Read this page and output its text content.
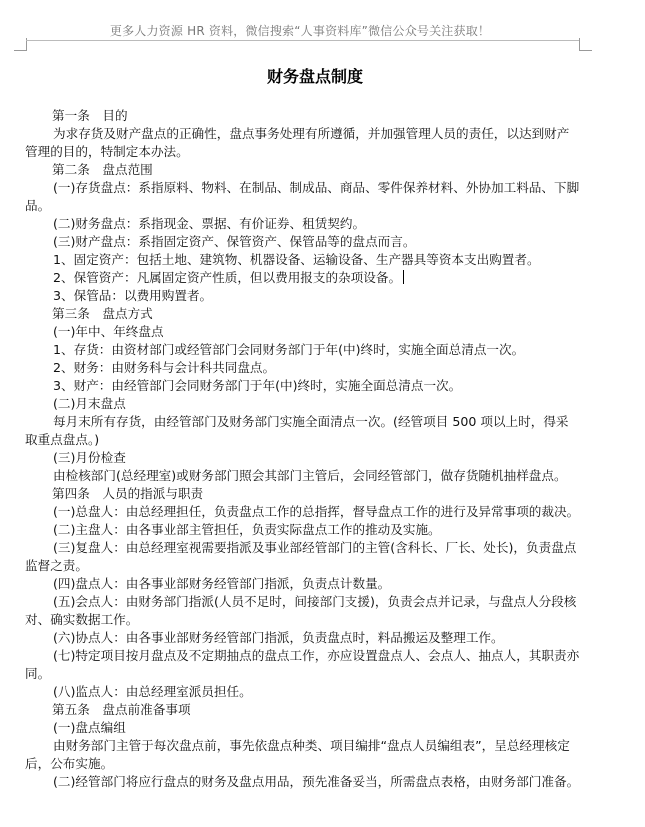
更多人力资源 HR 资料，微信搜索“人事资料库”微信公众号关注获取！
财务盘点制度

第一条　目的

为求存货及财产盘点的正确性，盘点事务处理有所遵循，并加强管理人员的责任，以达到财产管理的目的，特制定本办法。

第二条　盘点范围

(一)存货盘点：系指原料、物料、在制品、制成品、商品、零件保养材料、外协加工料品、下脚品。

(二)财务盘点：系指现金、票据、有价证券、租赁契约。

(三)财产盘点：系指固定资产、保管资产、保管品等的盘点而言。

1、固定资产：包括土地、建筑物、机器设备、运输设备、生产器具等资本支出购置者。

2、保管资产：凡属固定资产性质，但以费用报支的杂项设备。

3、保管品：以费用购置者。

第三条　盘点方式

(一)年中、年终盘点

1、存货：由资材部门或经管部门会同财务部门于年(中)终时，实施全面总清点一次。

2、财务：由财务科与会计科共同盘点。

3、财产：由经管部门会同财务部门于年(中)终时，实施全面总清点一次。

(二)月末盘点

每月末所有存货，由经管部门及财务部门实施全面清点一次。(经管项目 500 项以上时，得采取重点盘点。)

(三)月份检查

由检核部门(总经理室)或财务部门照会其部门主管后，会同经管部门，做存货随机抽样盘点。

第四条　人员的指派与职责

(一)总盘人：由总经理担任，负责盘点工作的总指挥，督导盘点工作的进行及异常事项的裁决。

(二)主盘人：由各事业部主管担任，负责实际盘点工作的推动及实施。

(三)复盘人：由总经理室视需要指派及事业部经管部门的主管(含科长、厂长、处长)，负责盘点监督之责。

(四)盘点人：由各事业部财务经管部门指派，负责点计数量。

(五)会点人：由财务部门指派(人员不足时，间接部门支援)，负责会点并记录，与盘点人分段核对、确实数据工作。

(六)协点人：由各事业部财务经管部门指派，负责盘点时，料品搬运及整理工作。

(七)特定项目按月盘点及不定期抽点的盘点工作，亦应设置盘点人、会点人、抽点人，其职责亦同。

(八)监点人：由总经理室派员担任。

第五条　盘点前准备事项

(一)盘点编组

由财务部门主管于每次盘点前，事先依盘点种类、项目编排“盘点人员编组表”，呈总经理核定后，公布实施。

(二)经管部门将应行盘点的财务及盘点用品，预先准备妥当，所需盘点表格，由财务部门准备。
